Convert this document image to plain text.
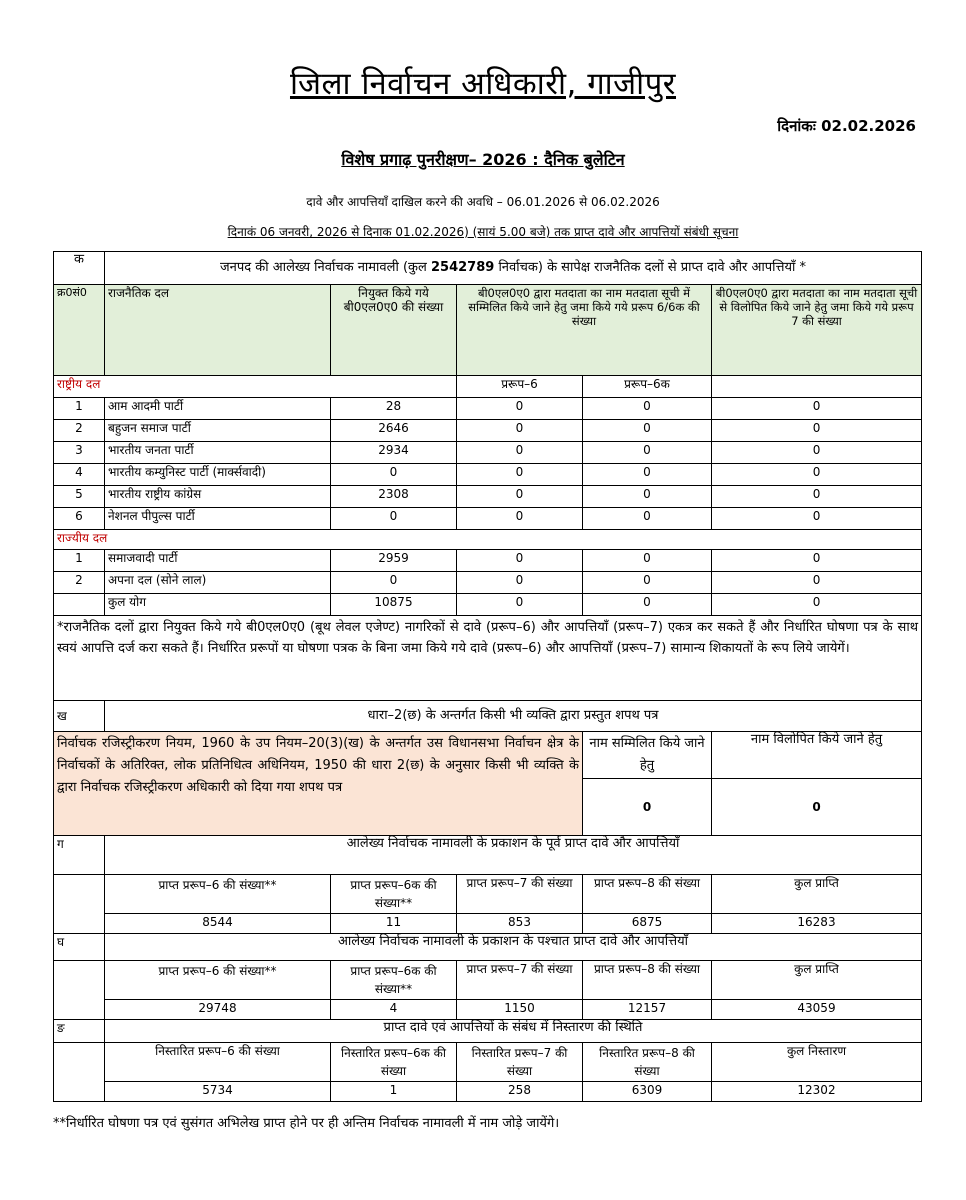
जिला निर्वाचन अधिकारी, गाजीपुर
दिनांकः 02.02.2026
विशेष प्रगाढ़ पुनरीक्षण– 2026 : दैनिक बुलेटिन
दावे और आपत्तियाँ दाखिल करने की अवधि – 06.01.2026 से 06.02.2026
दिनाकं 06 जनवरी, 2026 से दिनाक 01.02.2026) (सायं 5.00 बजे) तक प्राप्त दावे और आपत्तियों संबंधी सूचना
क	जनपद की आलेख्य निर्वाचक नामावली (कुल 2542789 निर्वाचक) के सापेक्ष राजनैतिक दलों से प्राप्त दावे और आपत्तियाँ *				
क्र0सं0	राजनैतिक दल	नियुक्त किये गये बी0एल0ए0 की संख्या	बी0एल0ए0 द्वारा मतदाता का नाम मतदाता सूची में सम्मिलित किये जाने हेतु जमा किये गये प्ररूप 6/6क की संख्या		बी0एल0ए0 द्वारा मतदाता का नाम मतदाता सूची से विलोपित किये जाने हेतु जमा किये गये प्ररूप 7 की संख्या
राष्ट्रीय दल			प्ररूप–6	प्ररूप–6क	
1	आम आदमी पार्टी	28	0	0	0
2	बहुजन समाज पार्टी	2646	0	0	0
3	भारतीय जनता पार्टी	2934	0	0	0
4	भारतीय कम्युनिस्ट पार्टी (मार्क्सवादी)	0	0	0	0
5	भारतीय राष्ट्रीय कांग्रेस	2308	0	0	0
6	नेशनल पीपुल्स पार्टी	0	0	0	0
राज्यीय दल					
1	समाजवादी पार्टी	2959	0	0	0
2	अपना दल (सोने लाल)	0	0	0	0
	कुल योग	10875	0	0	0
*राजनैतिक दलों द्वारा नियुक्त किये गये बी0एल0ए0 (बूथ लेवल एजेण्ट) नागरिकों से दावे (प्ररूप–6) और आपत्तियाँ (प्ररूप–7) एकत्र कर सकते हैं और निर्धारित घोषणा पत्र के साथ स्वयं आपत्ति दर्ज करा सकते हैं। निर्धारित प्ररूपों या घोषणा पत्रक के बिना जमा किये गये दावे (प्ररूप–6) और आपत्तियाँ (प्ररूप–7) सामान्य शिकायतों के रूप लिये जायेगें।					
ख	धारा–2(छ) के अन्तर्गत किसी भी व्यक्ति द्वारा प्रस्तुत शपथ पत्र				
निर्वाचक रजिस्ट्रीकरण नियम, 1960 के उप नियम–20(3)(ख) के अन्तर्गत उस विधानसभा निर्वाचन क्षेत्र के निर्वाचकों के अतिरिक्त, लोक प्रतिनिधित्व अधिनियम, 1950 की धारा 2(छ) के अनुसार किसी भी व्यक्ति के द्वारा निर्वाचक रजिस्ट्रीकरण अधिकारी को दिया गया शपथ पत्र				नाम सम्मिलित किये जाने हेतु	नाम विलोपित किये जाने हेतु
				0	0
ग	आलेख्य निर्वाचक नामावली के प्रकाशन के पूर्व प्राप्त दावे और आपत्तियाँ				
	प्राप्त प्ररूप–6 की संख्या**	प्राप्त प्ररूप–6क की संख्या**	प्राप्त प्ररूप–7 की संख्या	प्राप्त प्ररूप–8 की संख्या	कुल प्राप्ति
	8544	11	853	6875	16283
घ	आलेख्य निर्वाचक नामावली के प्रकाशन के पश्चात प्राप्त दावे और आपत्तियाँ				
	प्राप्त प्ररूप–6 की संख्या**	प्राप्त प्ररूप–6क की संख्या**	प्राप्त प्ररूप–7 की संख्या	प्राप्त प्ररूप–8 की संख्या	कुल प्राप्ति
	29748	4	1150	12157	43059
ङ	प्राप्त दावे एवं आपत्तियों के संबंध में निस्तारण की स्थिति				
	निस्तारित प्ररूप–6 की संख्या	निस्तारित प्ररूप–6क की संख्या	निस्तारित प्ररूप–7 की संख्या	निस्तारित प्ररूप–8 की संख्या	कुल निस्तारण
	5734	1	258	6309	12302
**निर्धारित घोषणा पत्र एवं सुसंगत अभिलेख प्राप्त होने पर ही अन्तिम निर्वाचक नामावली में नाम जोड़े जायेंगे।
